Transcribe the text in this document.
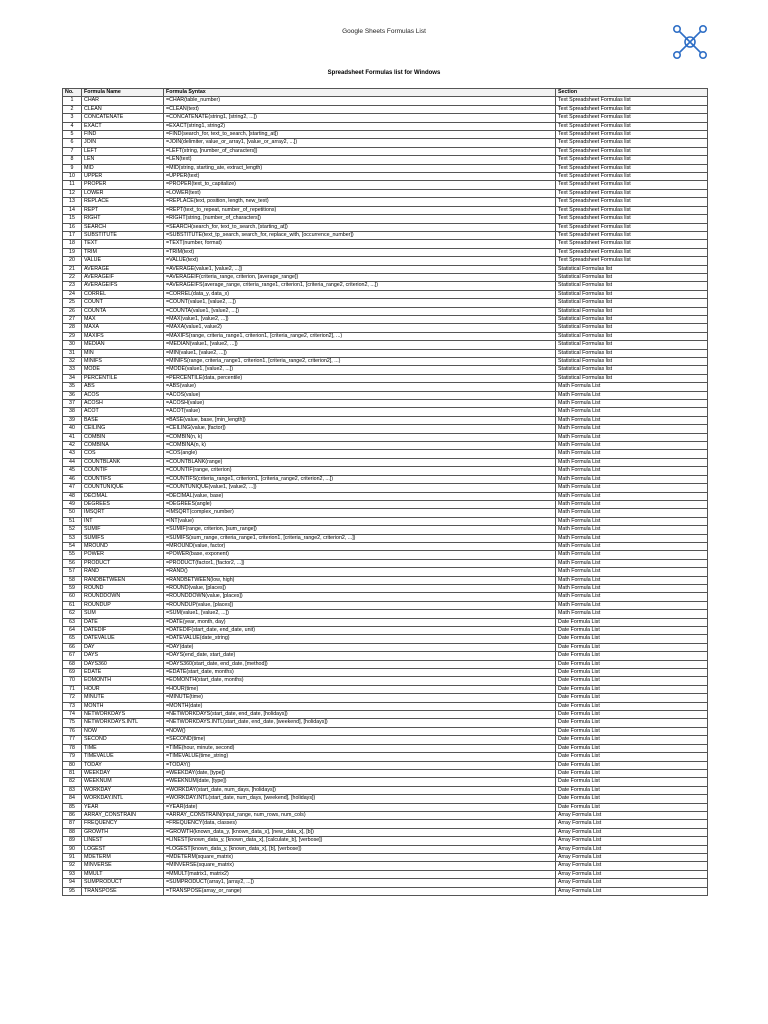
Google Sheets Formulas List
Spreadsheet Formulas list for Windows
No.	Formula Name	Formula Syntax	Section
1	CHAR	=CHAR(table_number)	Text Spreadsheet Formulas list
2	CLEAN	=CLEAN(text)	Text Spreadsheet Formulas list
3	CONCATENATE	=CONCATENATE(string1, [string2, ...])	Text Spreadsheet Formulas list
4	EXACT	=EXACT(string1, string2)	Text Spreadsheet Formulas list
5	FIND	=FIND(search_for, text_to_search, [starting_at])	Text Spreadsheet Formulas list
6	JOIN	=JOIN(delimiter, value_or_array1, [value_or_array2, ...])	Text Spreadsheet Formulas list
7	LEFT	=LEFT(string, [number_of_characters])	Text Spreadsheet Formulas list
8	LEN	=LEN(text)	Text Spreadsheet Formulas list
9	MID	=MID(string, starting_ate, extract_length)	Text Spreadsheet Formulas list
10	UPPER	=UPPER(text)	Text Spreadsheet Formulas list
11	PROPER	=PROPER(text_to_capitalize)	Text Spreadsheet Formulas list
12	LOWER	=LOWER(text)	Text Spreadsheet Formulas list
13	REPLACE	=REPLACE(text, position, length, new_text)	Text Spreadsheet Formulas list
14	REPT	=REPT(text_to_repeat, number_of_repetitions)	Text Spreadsheet Formulas list
15	RIGHT	=RIGHT(string, [number_of_characters])	Text Spreadsheet Formulas list
16	SEARCH	=SEARCH(search_for, text_to_search, [starting_at])	Text Spreadsheet Formulas list
17	SUBSTITUTE	=SUBSTITUTE(text_tp_search, search_for, replace_with, [occurrence_number])	Text Spreadsheet Formulas list
18	TEXT	=TEXT(number, format)	Text Spreadsheet Formulas list
19	TRIM	=TRIM(text)	Text Spreadsheet Formulas list
20	VALUE	=VALUE(text)	Text Spreadsheet Formulas list
21	AVERAGE	=AVERAGE(value1, [value2, ...])	Statistical Formulas list
22	AVERAGEIF	=AVERAGEIF(criteria_range, criterion, [average_range])	Statistical Formulas list
23	AVERAGEIFS	=AVERAGEIFS(average_range, criteria_range1, criterion1, [criteria_range2, criterion2, ...])	Statistical Formulas list
24	CORREL	=CORREL(data_y, data_x)	Statistical Formulas list
25	COUNT	=COUNT(value1, [value2, ...])	Statistical Formulas list
26	COUNTA	=COUNTA(value1, [value2, ...])	Statistical Formulas list
27	MAX	=MAX(value1, [value2, ...])	Statistical Formulas list
28	MAXA	=MAXA(value1, value2)	Statistical Formulas list
29	MAXIFS	=MAXIFS(range, criteria_range1, criterion1, [criteria_range2, criterion2], ...)	Statistical Formulas list
30	MEDIAN	=MEDIAN(value1, [value2, ...])	Statistical Formulas list
31	MIN	=MIN(value1, [value2, ...])	Statistical Formulas list
32	MINIFS	=MINIFS(range, criteria_range1, criterion1, [criteria_range2, criterion2], ...)	Statistical Formulas list
33	MODE	=MODE(value1, [value2, ...])	Statistical Formulas list
34	PERCENTILE	=PERCENTILE(data, percentile)	Statistical Formulas list
35	ABS	=ABS(value)	Math Formula List
36	ACOS	=ACOS(value)	Math Formula List
37	ACOSH	=ACOSH(value)	Math Formula List
38	ACOT	=ACOT(value)	Math Formula List
39	BASE	=BASE(value, base, [min_length])	Math Formula List
40	CEILING	=CEILING(value, [factor])	Math Formula List
41	COMBIN	=COMBIN(n, k)	Math Formula List
42	COMBINA	=COMBINA(n, k)	Math Formula List
43	COS	=COS(angle)	Math Formula List
44	COUNTBLANK	=COUNTBLANK(range)	Math Formula List
45	COUNTIF	=COUNTIF(range, criterion)	Math Formula List
46	COUNTIFS	=COUNTIFS(criteria_range1, criterion1, [criteria_range2, criterion2, ...])	Math Formula List
47	COUNTUNIQUE	=COUNTUNIQUE(value1, [value2, ...])	Math Formula List
48	DECIMAL	=DECIMAL(value, base)	Math Formula List
49	DEGREES	=DEGREES(angle)	Math Formula List
50	IMSQRT	=IMSQRT(complex_number)	Math Formula List
51	INT	=INT(value)	Math Formula List
52	SUMIF	=SUMIF(range, criterion, [sum_range])	Math Formula List
53	SUMIFS	=SUMIFS(sum_range, criteria_range1, criterion1, [criteria_range2, criterion2, ...])	Math Formula List
54	MROUND	=MROUND(value, factor)	Math Formula List
55	POWER	=POWER(base, exponent)	Math Formula List
56	PRODUCT	=PRODUCT(factor1, [factor2, ...])	Math Formula List
57	RAND	=RAND()	Math Formula List
58	RANDBETWEEN	=RANDBETWEEN(low, high)	Math Formula List
59	ROUND	=ROUND(value, [places])	Math Formula List
60	ROUNDDOWN	=ROUNDDOWN(value, [places])	Math Formula List
61	ROUNDUP	=ROUNDUP(value, [places])	Math Formula List
62	SUM	=SUM(value1, [value2, ...])	Math Formula List
63	DATE	=DATE(year, month, day)	Date Formula List
64	DATEDIF	=DATEDIF(start_date, end_date, unit)	Date Formula List
65	DATEVALUE	=DATEVALUE(date_string)	Date Formula List
66	DAY	=DAY(date)	Date Formula List
67	DAYS	=DAYS(end_date, start_date)	Date Formula List
68	DAYS360	=DAYS360(start_date, end_date, [method])	Date Formula List
69	EDATE	=EDATE(start_date, months)	Date Formula List
70	EOMONTH	=EOMONTH(start_date, months)	Date Formula List
71	HOUR	=HOUR(time)	Date Formula List
72	MINUTE	=MINUTE(time)	Date Formula List
73	MONTH	=MONTH(date)	Date Formula List
74	NETWORKDAYS	=NETWORKDAYS(start_date, end_date, [holidays])	Date Formula List
75	NETWORKDAYS.INTL	=NETWORKDAYS.INTL(start_date, end_date, [weekend], [holidays])	Date Formula List
76	NOW	=NOW()	Date Formula List
77	SECOND	=SECOND(time)	Date Formula List
78	TIME	=TIME(hour, minute, second)	Date Formula List
79	TIMEVALUE	=TIMEVALUE(time_string)	Date Formula List
80	TODAY	=TODAY()	Date Formula List
81	WEEKDAY	=WEEKDAY(date, [type])	Date Formula List
82	WEEKNUM	=WEEKNUM(date, [type])	Date Formula List
83	WORKDAY	=WORKDAY(start_date, num_days, [holidays])	Date Formula List
84	WORKDAY.INTL	=WORKDAY.INTL(start_date, num_days, [weekend], [holidays])	Date Formula List
85	YEAR	=YEAR(date)	Date Formula List
86	ARRAY_CONSTRAIN	=ARRAY_CONSTRAIN(input_range, num_rows, num_cols)	Array Formula List
87	FREQUENCY	=FREQUENCY(data, classes)	Array Formula List
88	GROWTH	=GROWTH(known_data_y, [known_data_x], [new_data_x], [b])	Array Formula List
89	LINEST	=LINEST(known_data_y, [known_data_x], [calculate_b], [verbose])	Array Formula List
90	LOGEST	=LOGEST(known_data_y, [known_data_x], [b], [verbose])	Array Formula List
91	MDETERM	=MDETERM(square_matrix)	Array Formula List
92	MINVERSE	=MINVERSE(square_matrix)	Array Formula List
93	MMULT	=MMULT(matrix1, matrix2)	Array Formula List
94	SUMPRODUCT	=SUMPRODUCT(array1, [array2, ...])	Array Formula List
95	TRANSPOSE	=TRANSPOSE(array_or_range)	Array Formula List
